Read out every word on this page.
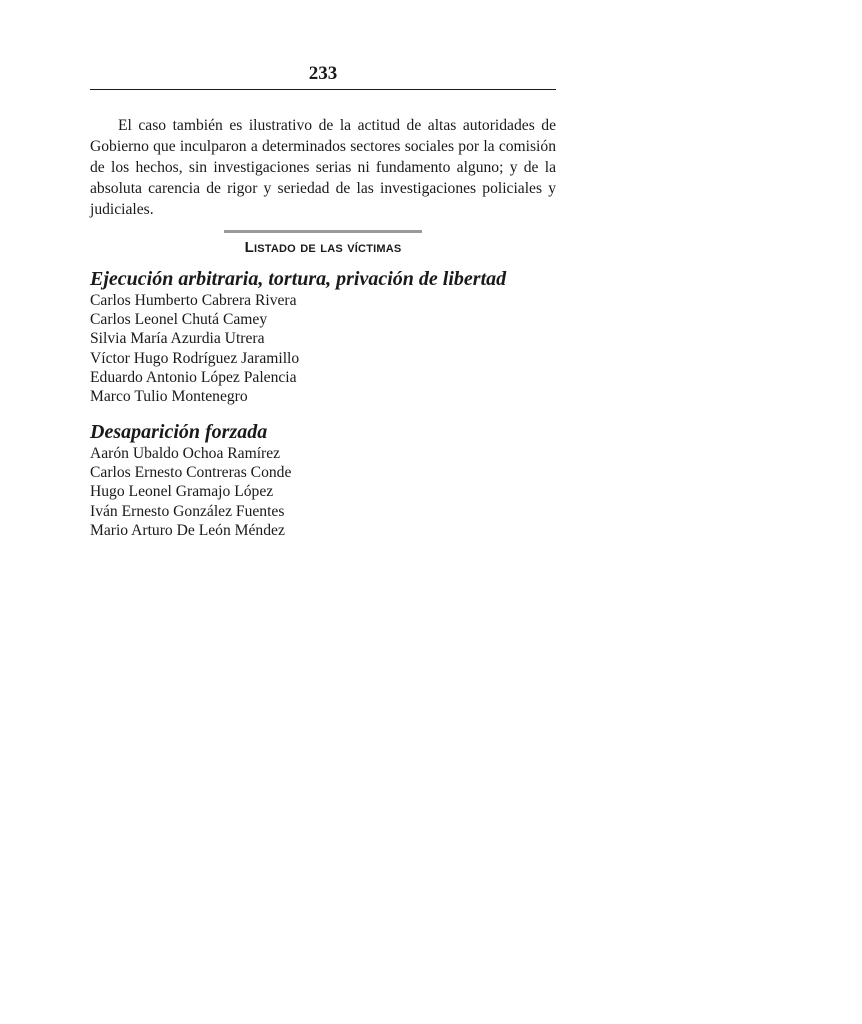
233

El caso también es ilustrativo de la actitud de altas autoridades de Gobierno que inculparon a determinados sectores sociales por la comisión de los hechos, sin investigaciones serias ni fundamento alguno; y de la absoluta carencia de rigor y seriedad de las investigaciones policiales y judiciales.

Listado de las víctimas
Ejecución arbitraria, tortura, privación de libertad
Carlos Humberto Cabrera Rivera
Carlos Leonel Chutá Camey
Silvia María Azurdia Utrera
Víctor Hugo Rodríguez Jaramillo
Eduardo Antonio López Palencia
Marco Tulio Montenegro
Desaparición forzada
Aarón Ubaldo Ochoa Ramírez
Carlos Ernesto Contreras Conde
Hugo Leonel Gramajo López
Iván Ernesto González Fuentes
Mario Arturo De León Méndez
